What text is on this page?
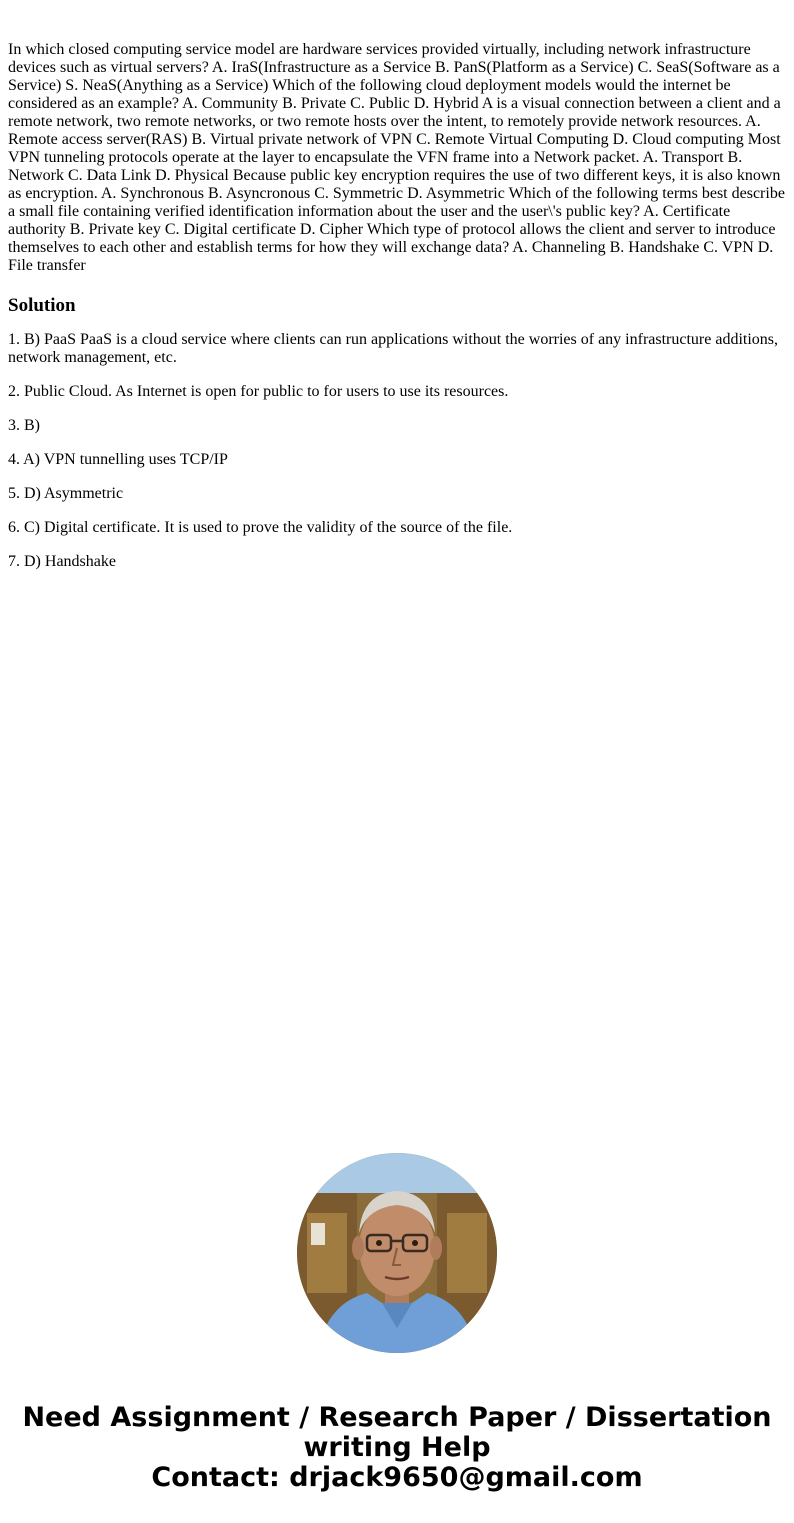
In which closed computing service model are hardware services provided virtually, including network infrastructure devices such as virtual servers? A. IraS(Infrastructure as a Service B. PanS(Platform as a Service) C. SeaS(Software as a Service) S. NeaS(Anything as a Service) Which of the following cloud deployment models would the internet be considered as an example? A. Community B. Private C. Public D. Hybrid A is a visual connection between a client and a remote network, two remote networks, or two remote hosts over the intent, to remotely provide network resources. A. Remote access server(RAS) B. Virtual private network of VPN C. Remote Virtual Computing D. Cloud computing Most VPN tunneling protocols operate at the layer to encapsulate the VFN frame into a Network packet. A. Transport B. Network C. Data Link D. Physical Because public key encryption requires the use of two different keys, it is also known as encryption. A. Synchronous B. Asyncronous C. Symmetric D. Asymmetric Which of the following terms best describe a small file containing verified identification information about the user and the user\'s public key? A. Certificate authority B. Private key C. Digital certificate D. Cipher Which type of protocol allows the client and server to introduce themselves to each other and establish terms for how they will exchange data? A. Channeling B. Handshake C. VPN D. File transfer

Solution

1. B) PaaS PaaS is a cloud service where clients can run applications without the worries of any infrastructure additions, network management, etc.

2. Public Cloud. As Internet is open for public to for users to use its resources.

3. B)

4. A) VPN tunnelling uses TCP/IP

5. D) Asymmetric

6. C) Digital certificate. It is used to prove the validity of the source of the file.

7. D) Handshake

Need Assignment / Research Paper / Dissertation
writing Help
Contact: drjack9650@gmail.com
